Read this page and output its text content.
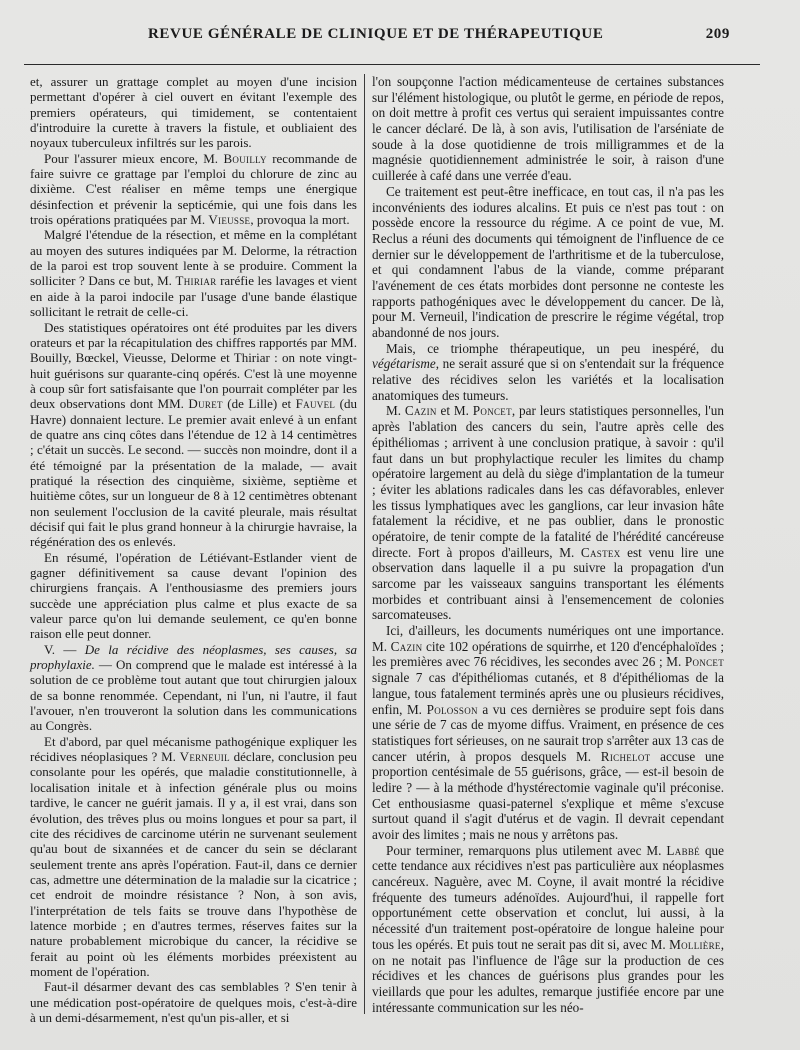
REVUE GÉNÉRALE DE CLINIQUE ET DE THÉRAPEUTIQUE	209

et, assurer un grattage complet au moyen d'une incision permettant d'opérer à ciel ouvert en évitant l'exemple des premiers opérateurs, qui timidement, se contentaient d'introduire la curette à travers la fistule, et oubliaient des noyaux tuberculeux infiltrés sur les parois.

Pour l'assurer mieux encore, M. Bouilly recommande de faire suivre ce grattage par l'emploi du chlorure de zinc au dixième. C'est réaliser en même temps une énergique désinfection et prévenir la septicémie, qui une fois dans les trois opérations pratiquées par M. Vieusse, provoqua la mort.

Malgré l'étendue de la résection, et même en la complétant au moyen des sutures indiquées par M. Delorme, la rétraction de la paroi est trop souvent lente à se produire. Comment la solliciter ? Dans ce but, M. Thiriar raréfie les lavages et vient en aide à la paroi indocile par l'usage d'une bande élastique sollicitant le retrait de celle-ci.

Des statistiques opératoires ont été produites par les divers orateurs et par la récapitulation des chiffres rapportés par MM. Bouilly, Bœckel, Vieusse, Delorme et Thiriar : on note vingt-huit guérisons sur quarante-cinq opérés. C'est là une moyenne à coup sûr fort satisfaisante que l'on pourrait compléter par les deux observations dont MM. Duret (de Lille) et Fauvel (du Havre) donnaient lecture. Le premier avait enlevé à un enfant de quatre ans cinq côtes dans l'étendue de 12 à 14 centimètres ; c'était un succès. Le second. — succès non moindre, dont il a été témoigné par la présentation de la malade, — avait pratiqué la résection des cinquième, sixième, septième et huitième côtes, sur un longueur de 8 à 12 centimètres obtenant non seulement l'occlusion de la cavité pleurale, mais résultat décisif qui fait le plus grand honneur à la chirurgie havraise, la régénération des os enlevés.

En résumé, l'opération de Létiévant-Estlander vient de gagner définitivement sa cause devant l'opinion des chirurgiens français. A l'enthousiasme des premiers jours succède une appréciation plus calme et plus exacte de sa valeur parce qu'on lui demande seulement, ce qu'en bonne raison elle peut donner.

V. — De la récidive des néoplasmes, ses causes, sa prophylaxie. — On comprend que le malade est intéressé à la solution de ce problème tout autant que tout chirurgien jaloux de sa bonne renommée. Cependant, ni l'un, ni l'autre, il faut l'avouer, n'en trouveront la solution dans les communications au Congrès.

Et d'abord, par quel mécanisme pathogénique expliquer les récidives néoplasiques ? M. Verneuil déclare, conclusion peu consolante pour les opérés, que maladie constitutionnelle, à localisation initale et à infection générale plus ou moins tardive, le cancer ne guérit jamais. Il y a, il est vrai, dans son évolution, des trêves plus ou moins longues et pour sa part, il cite des récidives de carcinome utérin ne survenant seulement qu'au bout de sixannées et de cancer du sein se déclarant seulement trente ans après l'opération. Faut-il, dans ce dernier cas, admettre une détermination de la maladie sur la cicatrice ; cet endroit de moindre résistance ? Non, à son avis, l'interprétation de tels faits se trouve dans l'hypothèse de latence morbide ; en d'autres termes, réserves faites sur la nature probablement microbique du cancer, la récidive se ferait au point où les éléments morbides préexistent au moment de l'opération.

Faut-il désarmer devant des cas semblables ? S'en tenir à une médication post-opératoire de quelques mois, c'est-à-dire à un demi-désarmement, n'est qu'un pis-aller, et si

l'on soupçonne l'action médicamenteuse de certaines substances sur l'élément histologique, ou plutôt le germe, en période de repos, on doit mettre à profit ces vertus qui seraient impuissantes contre le cancer déclaré. De là, à son avis, l'utilisation de l'arséniate de soude à la dose quotidienne de trois milligrammes et de la magnésie quotidiennement administrée le soir, à raison d'une cuillerée à café dans une verrée d'eau.

Ce traitement est peut-être inefficace, en tout cas, il n'a pas les inconvénients des iodures alcalins. Et puis ce n'est pas tout : on possède encore la ressource du régime. A ce point de vue, M. Reclus a réuni des documents qui témoignent de l'influence de ce dernier sur le développement de l'arthritisme et de la tuberculose, et qui condamnent l'abus de la viande, comme préparant l'avénement de ces états morbides dont personne ne conteste les rapports pathogéniques avec le développement du cancer. De là, pour M. Verneuil, l'indication de prescrire le régime végétal, trop abandonné de nos jours.

Mais, ce triomphe thérapeutique, un peu inespéré, du végétarisme, ne serait assuré que si on s'entendait sur la fréquence relative des récidives selon les variétés et la localisation anatomiques des tumeurs.

M. Cazin et M. Poncet, par leurs statistiques personnelles, l'un après l'ablation des cancers du sein, l'autre après celle des épithéliomas ; arrivent à une conclusion pratique, à savoir : qu'il faut dans un but prophylactique reculer les limites du champ opératoire largement au delà du siège d'implantation de la tumeur ; éviter les ablations radicales dans les cas défavorables, enlever les tissus lymphatiques avec les ganglions, car leur invasion hâte fatalement la récidive, et ne pas oublier, dans le pronostic opératoire, de tenir compte de la fatalité de l'hérédité cancéreuse directe. Fort à propos d'ailleurs, M. Castex est venu lire une observation dans laquelle il a pu suivre la propagation d'un sarcome par les vaisseaux sanguins transportant les éléments morbides et contribuant ainsi à l'ensemencement de colonies sarcomateuses.

Ici, d'ailleurs, les documents numériques ont une importance. M. Cazin cite 102 opérations de squirrhe, et 120 d'encéphaloïdes ; les premières avec 76 récidives, les secondes avec 26 ; M. Poncet signale 7 cas d'épithéliomas cutanés, et 8 d'épithéliomas de la langue, tous fatalement terminés après une ou plusieurs récidives, enfin, M. Polosson a vu ces dernières se produire sept fois dans une série de 7 cas de myome diffus. Vraiment, en présence de ces statistiques fort sérieuses, on ne saurait trop s'arrêter aux 13 cas de cancer utérin, à propos desquels M. Richelot accuse une proportion centésimale de 55 guérisons, grâce, — est-il besoin de ledire ? — à la méthode d'hystérectomie vaginale qu'il préconise. Cet enthousiasme quasi-paternel s'explique et même s'excuse surtout quand il s'agit d'utérus et de vagin. Il devrait cependant avoir des limites ; mais ne nous y arrêtons pas.

Pour terminer, remarquons plus utilement avec M. Labbé que cette tendance aux récidives n'est pas particulière aux néoplasmes cancéreux. Naguère, avec M. Coyne, il avait montré la récidive fréquente des tumeurs adénoïdes. Aujourd'hui, il rappelle fort opportunément cette observation et conclut, lui aussi, à la nécessité d'un traitement post-opératoire de longue haleine pour tous les opérés. Et puis tout ne serait pas dit si, avec M. Mollière, on ne notait pas l'influence de l'âge sur la production de ces récidives et les chances de guérisons plus grandes pour les vieillards que pour les adultes, remarque justifiée encore par une intéressante communication sur les néo-
